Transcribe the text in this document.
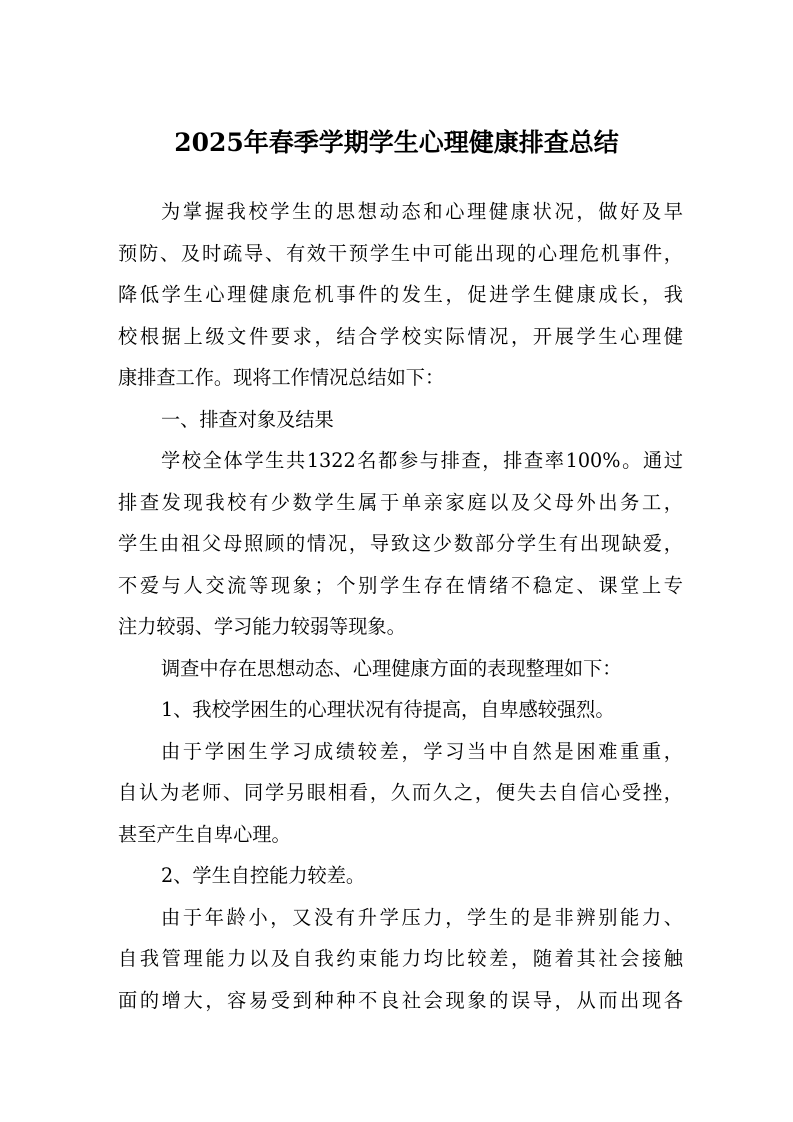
2025年春季学期学生心理健康排查总结
为掌握我校学生的思想动态和心理健康状况，做好及早
预防、及时疏导、有效干预学生中可能出现的心理危机事件，
降低学生心理健康危机事件的发生，促进学生健康成长，我
校根据上级文件要求，结合学校实际情况，开展学生心理健
康排查工作。现将工作情况总结如下：
一、排查对象及结果
学校全体学生共1322名都参与排查，排查率100%。通过
排查发现我校有少数学生属于单亲家庭以及父母外出务工，
学生由祖父母照顾的情况，导致这少数部分学生有出现缺爱，
不爱与人交流等现象；个别学生存在情绪不稳定、课堂上专
注力较弱、学习能力较弱等现象。
调查中存在思想动态、心理健康方面的表现整理如下：
1、我校学困生的心理状况有待提高，自卑感较强烈。
由于学困生学习成绩较差，学习当中自然是困难重重，
自认为老师、同学另眼相看，久而久之，便失去自信心受挫，
甚至产生自卑心理。
2、学生自控能力较差。
由于年龄小，又没有升学压力，学生的是非辨别能力、
自我管理能力以及自我约束能力均比较差，随着其社会接触
面的增大，容易受到种种不良社会现象的误导，从而出现各
